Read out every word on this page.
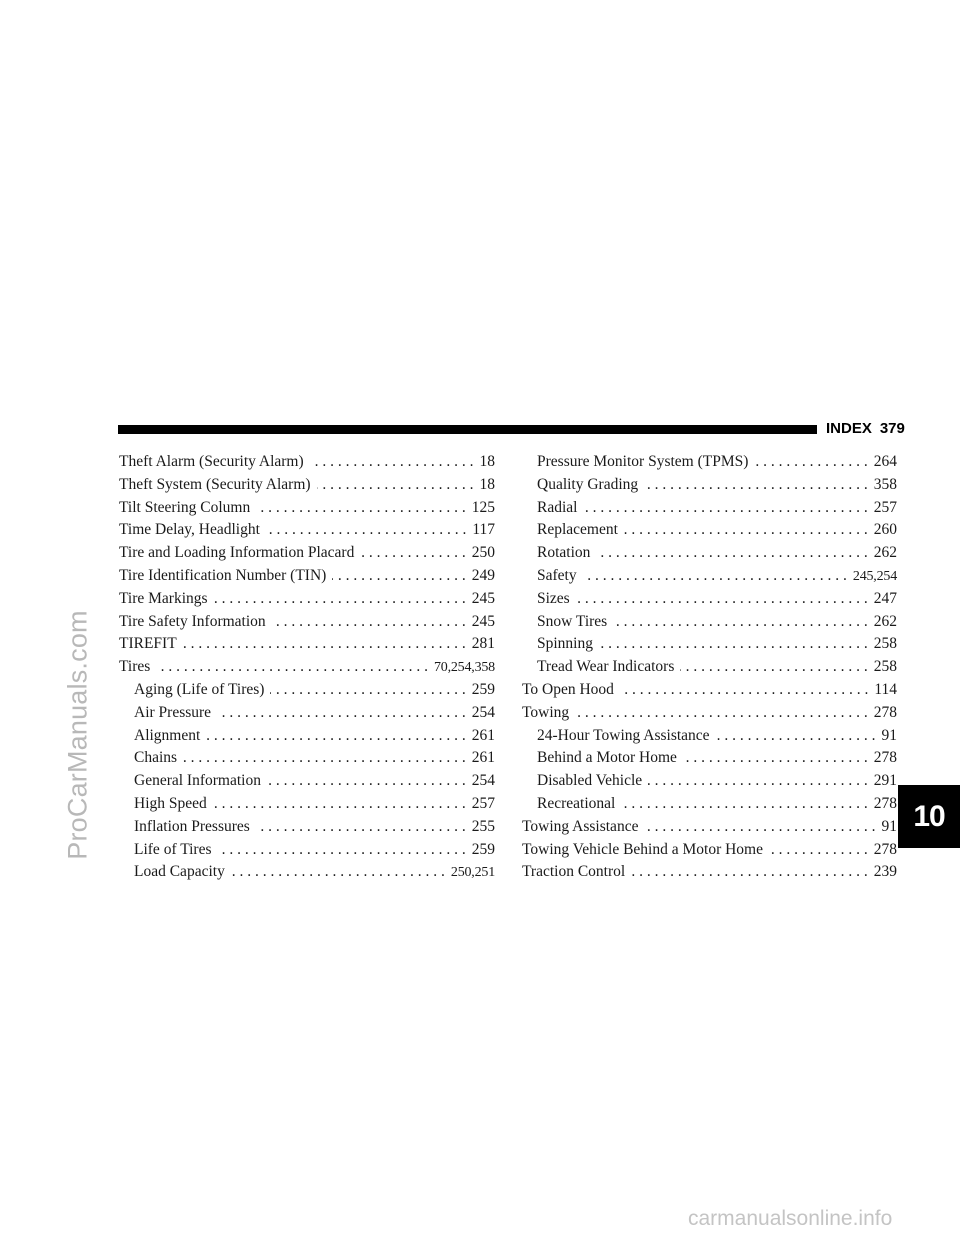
ProCarManuals.com
INDEX 379
Theft Alarm (Security Alarm) . . .	18
Theft System (Security Alarm) . . .	18
Tilt Steering Column . . .	125
Time Delay, Headlight . . .	117
Tire and Loading Information Placard . . .	250
Tire Identification Number (TIN) . . .	249
Tire Markings . . .	245
Tire Safety Information . . .	245
TIREFIT . . .	281
Tires . . .	70,254,358
Aging (Life of Tires) . . .	259
Air Pressure . . .	254
Alignment . . .	261
Chains . . .	261
General Information . . .	254
High Speed . . .	257
Inflation Pressures . . .	255
Life of Tires . . .	259
Load Capacity . . .	250,251
Pressure Monitor System (TPMS) . . .	264
Quality Grading . . .	358
Radial . . .	257
Replacement . . .	260
Rotation . . .	262
Safety . . .	245,254
Sizes . . .	247
Snow Tires . . .	262
Spinning . . .	258
Tread Wear Indicators . . .	258
To Open Hood . . .	114
Towing . . .	278
24-Hour Towing Assistance . . .	91
Behind a Motor Home . . .	278
Disabled Vehicle . . .	291
Recreational . . .	278
Towing Assistance . . .	91
Towing Vehicle Behind a Motor Home . . .	278
Traction Control . . .	239
10
carmanualsonline.info
